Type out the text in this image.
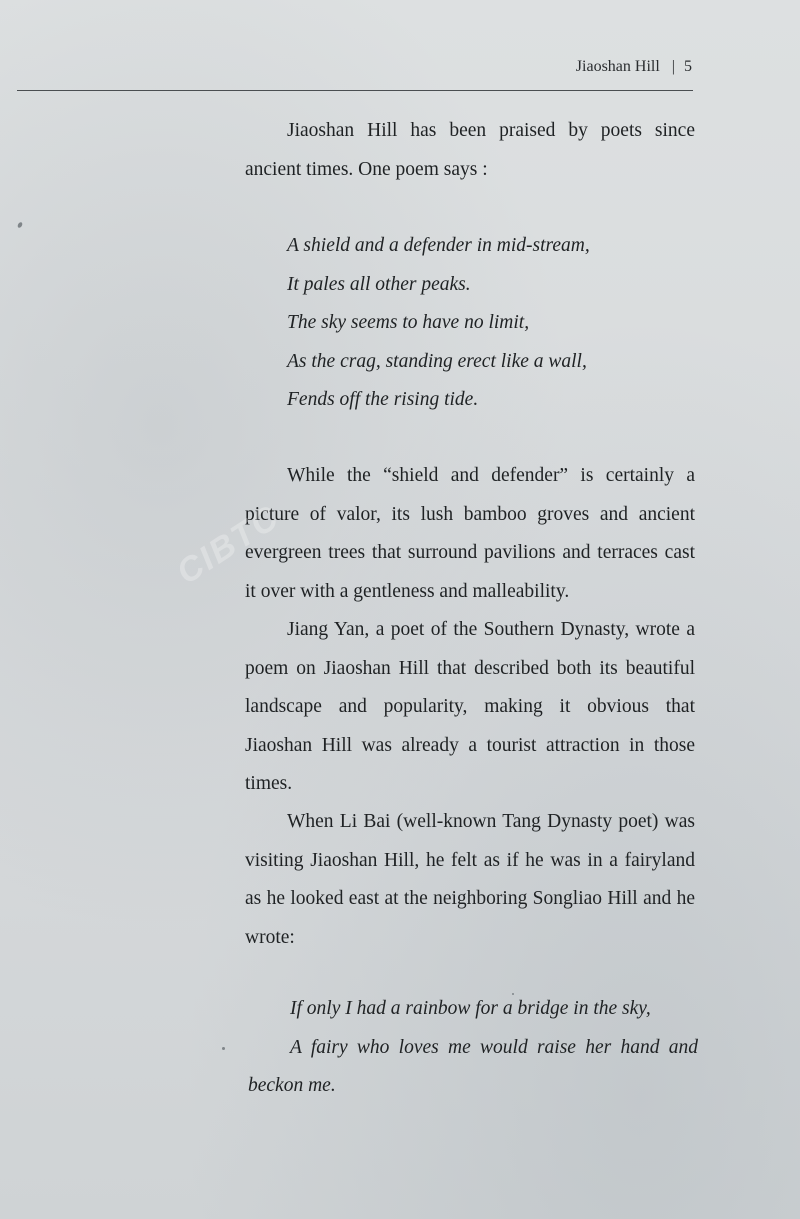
Jiaoshan Hill | 5

Jiaoshan Hill has been praised by poets since ancient times. One poem says :

A shield and a defender in mid-stream,
It pales all other peaks.
The sky seems to have no limit,
As the crag, standing erect like a wall,
Fends off the rising tide.

While the “shield and defender” is certainly a picture of valor, its lush bamboo groves and ancient evergreen trees that surround pavilions and terraces cast it over with a gentleness and malleability.

Jiang Yan, a poet of the Southern Dynasty, wrote a poem on Jiaoshan Hill that described both its beautiful landscape and popularity, making it obvious that Jiaoshan Hill was already a tourist attraction in those times.

When Li Bai (well-known Tang Dynasty poet) was visiting Jiaoshan Hill, he felt as if he was in a fairyland as he looked east at the neighboring Songliao Hill and he wrote:

If only I had a rainbow for a bridge in the sky,
A fairy who loves me would raise her hand and beckon me.
CIBTC
